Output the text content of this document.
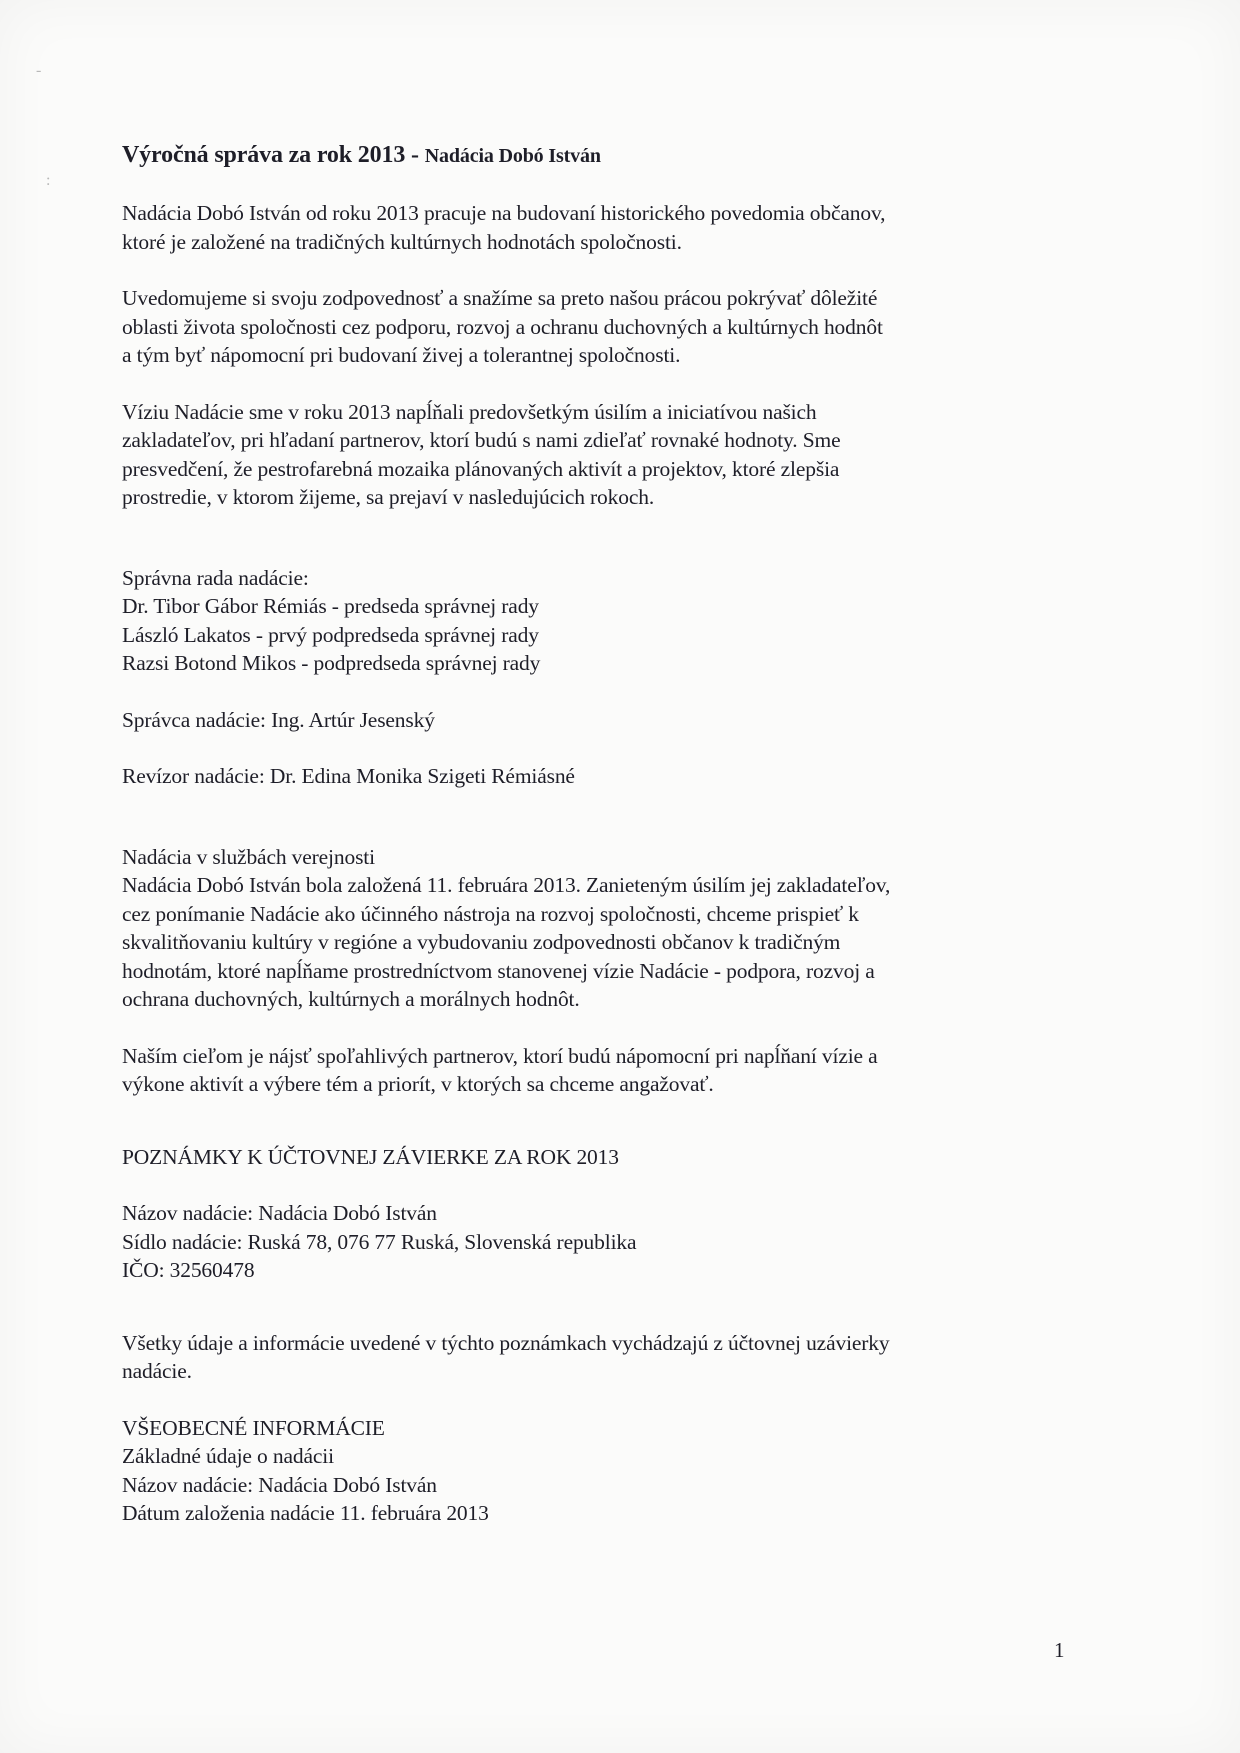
Výročná správa za rok 2013 - Nadácia Dobó István

Nadácia Dobó István od roku 2013 pracuje na budovaní historického povedomia občanov,
ktoré je založené na tradičných kultúrnych hodnotách spoločnosti.

Uvedomujeme si svoju zodpovednosť a snažíme sa preto našou prácou pokrývať dôležité
oblasti života spoločnosti cez podporu, rozvoj a ochranu duchovných a kultúrnych hodnôt
a tým byť nápomocní pri budovaní živej a tolerantnej spoločnosti.

Víziu Nadácie sme v roku 2013 napĺňali predovšetkým úsilím a iniciatívou našich
zakladateľov, pri hľadaní partnerov, ktorí budú s nami zdieľať rovnaké hodnoty. Sme
presvedčení, že pestrofarebná mozaika plánovaných aktivít a projektov, ktoré zlepšia
prostredie, v ktorom žijeme, sa prejaví v nasledujúcich rokoch.

Správna rada nadácie:
Dr. Tibor Gábor Rémiás - predseda správnej rady
László Lakatos - prvý podpredseda správnej rady
Razsi Botond Mikos - podpredseda správnej rady

Správca nadácie: Ing. Artúr Jesenský

Revízor nadácie: Dr. Edina Monika Szigeti Rémiásné

Nadácia v službách verejnosti
Nadácia Dobó István bola založená 11. februára 2013. Zanieteným úsilím jej zakladateľov,
cez ponímanie Nadácie ako účinného nástroja na rozvoj spoločnosti, chceme prispieť k
skvalitňovaniu kultúry v regióne a vybudovaniu zodpovednosti občanov k tradičným
hodnotám, ktoré napĺňame prostredníctvom stanovenej vízie Nadácie - podpora, rozvoj a
ochrana duchovných, kultúrnych a morálnych hodnôt.

Naším cieľom je nájsť spoľahlivých partnerov, ktorí budú nápomocní pri napĺňaní vízie a
výkone aktivít a výbere tém a priorít, v ktorých sa chceme angažovať.

POZNÁMKY K ÚČTOVNEJ ZÁVIERKE ZA ROK 2013

Názov nadácie: Nadácia Dobó István
Sídlo nadácie: Ruská 78, 076 77 Ruská, Slovenská republika
IČO: 32560478

Všetky údaje a informácie uvedené v týchto poznámkach vychádzajú z účtovnej uzávierky
nadácie.

VŠEOBECNÉ INFORMÁCIE
Základné údaje o nadácii
Názov nadácie: Nadácia Dobó István
Dátum založenia nadácie 11. februára 2013
1
-
:
